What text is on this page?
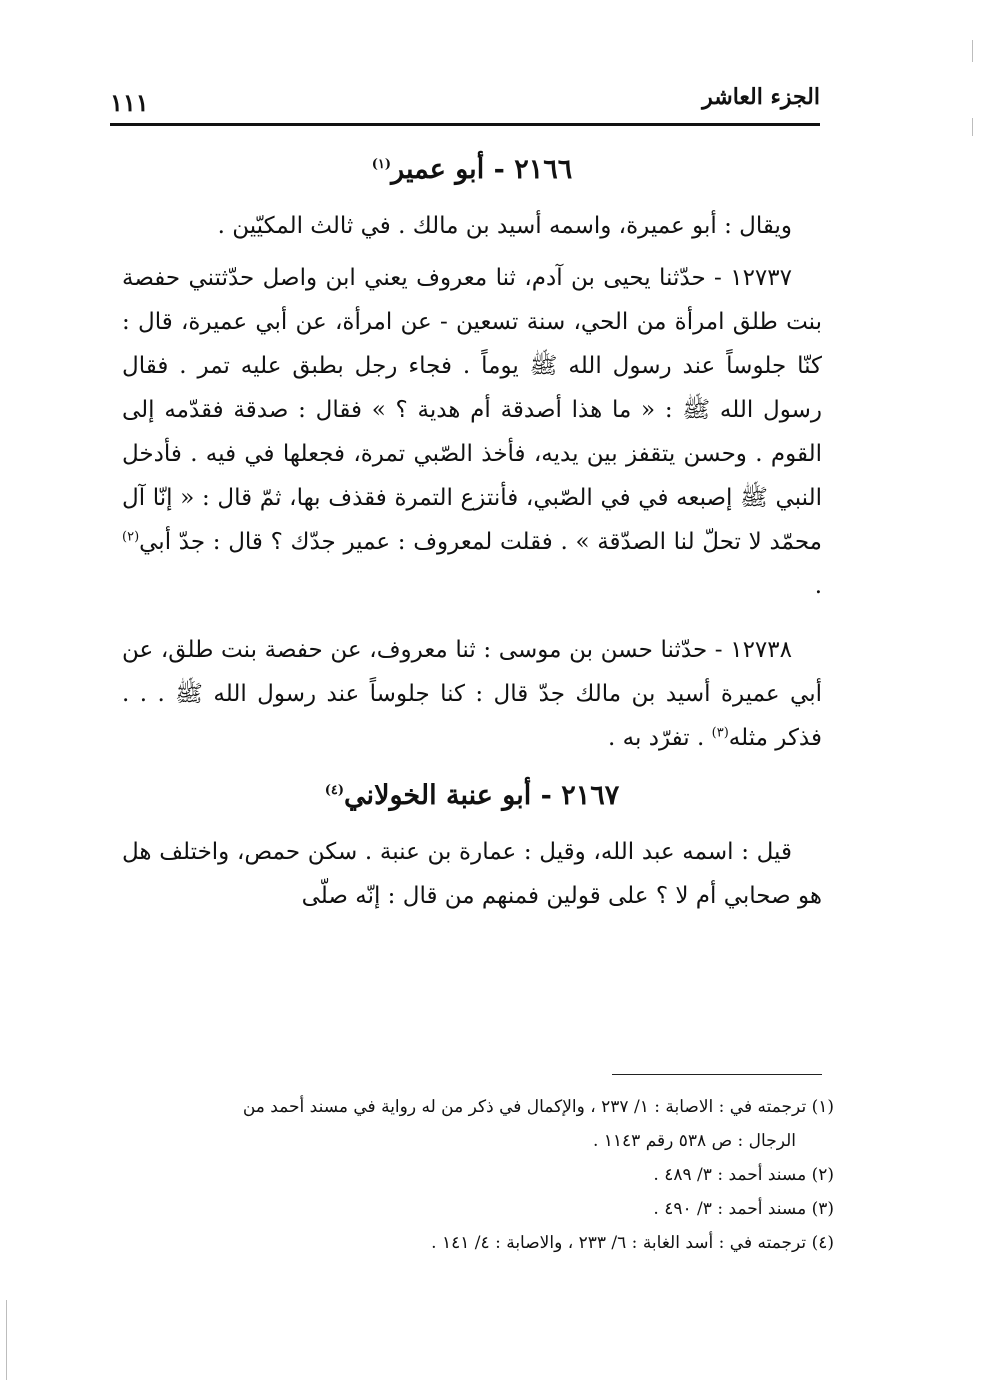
الجزء العاشر
١١١
٢١٦٦ - أبو عمير$^{(١)}$

ويقال : أبو عميرة، واسمه أسيد بن مالك . في ثالث المكيّين .

١٢٧٣٧ - حدّثنا يحيى بن آدم، ثنا معروف يعني ابن واصل حدّثتني حفصة بنت طلق امرأة من الحي، سنة تسعين - عن امرأة، عن أبي عميرة، قال : كنّا جلوساً عند رسول الله ﷺ يوماً . فجاء رجل بطبق عليه تمر . فقال رسول الله ﷺ : « ما هذا أصدقة أم هدية ؟ » فقال : صدقة فقدّمه إلى القوم . وحسن يتقفز بين يديه، فأخذ الصّبي تمرة، فجعلها في فيه . فأدخل النبي ﷺ إصبعه في في الصّبي، فأنتزع التمرة فقذف بها، ثمّ قال : « إنّا آل محمّد لا تحلّ لنا الصدّقة » . فقلت لمعروف : عمير جدّك ؟ قال : جدّ أبي$^{(٢)}$ .

١٢٧٣٨ - حدّثنا حسن بن موسى : ثنا معروف، عن حفصة بنت طلق، عن أبي عميرة أسيد بن مالك جدّ قال : كنا جلوساً عند رسول الله ﷺ . . . فذكر مثله$^{(٣)}$ . تفرّد به .

٢١٦٧ - أبو عنبة الخولاني$^{(٤)}$

قيل : اسمه عبد الله، وقيل : عمارة بن عنبة . سكن حمص، واختلف هل هو صحابي أم لا ؟ على قولين فمنهم من قال : إنّه صلّى

(١) ترجمته في : الاصابة : ١/ ٢٣٧ ، والإكمال في ذكر من له رواية في مسند أحمد من

الرجال : ص ٥٣٨ رقم ١١٤٣ .

(٢) مسند أحمد : ٣/ ٤٨٩ .

(٣) مسند أحمد : ٣/ ٤٩٠ .

(٤) ترجمته في : أسد الغابة : ٦/ ٢٣٣ ، والاصابة : ٤/ ١٤١ .
